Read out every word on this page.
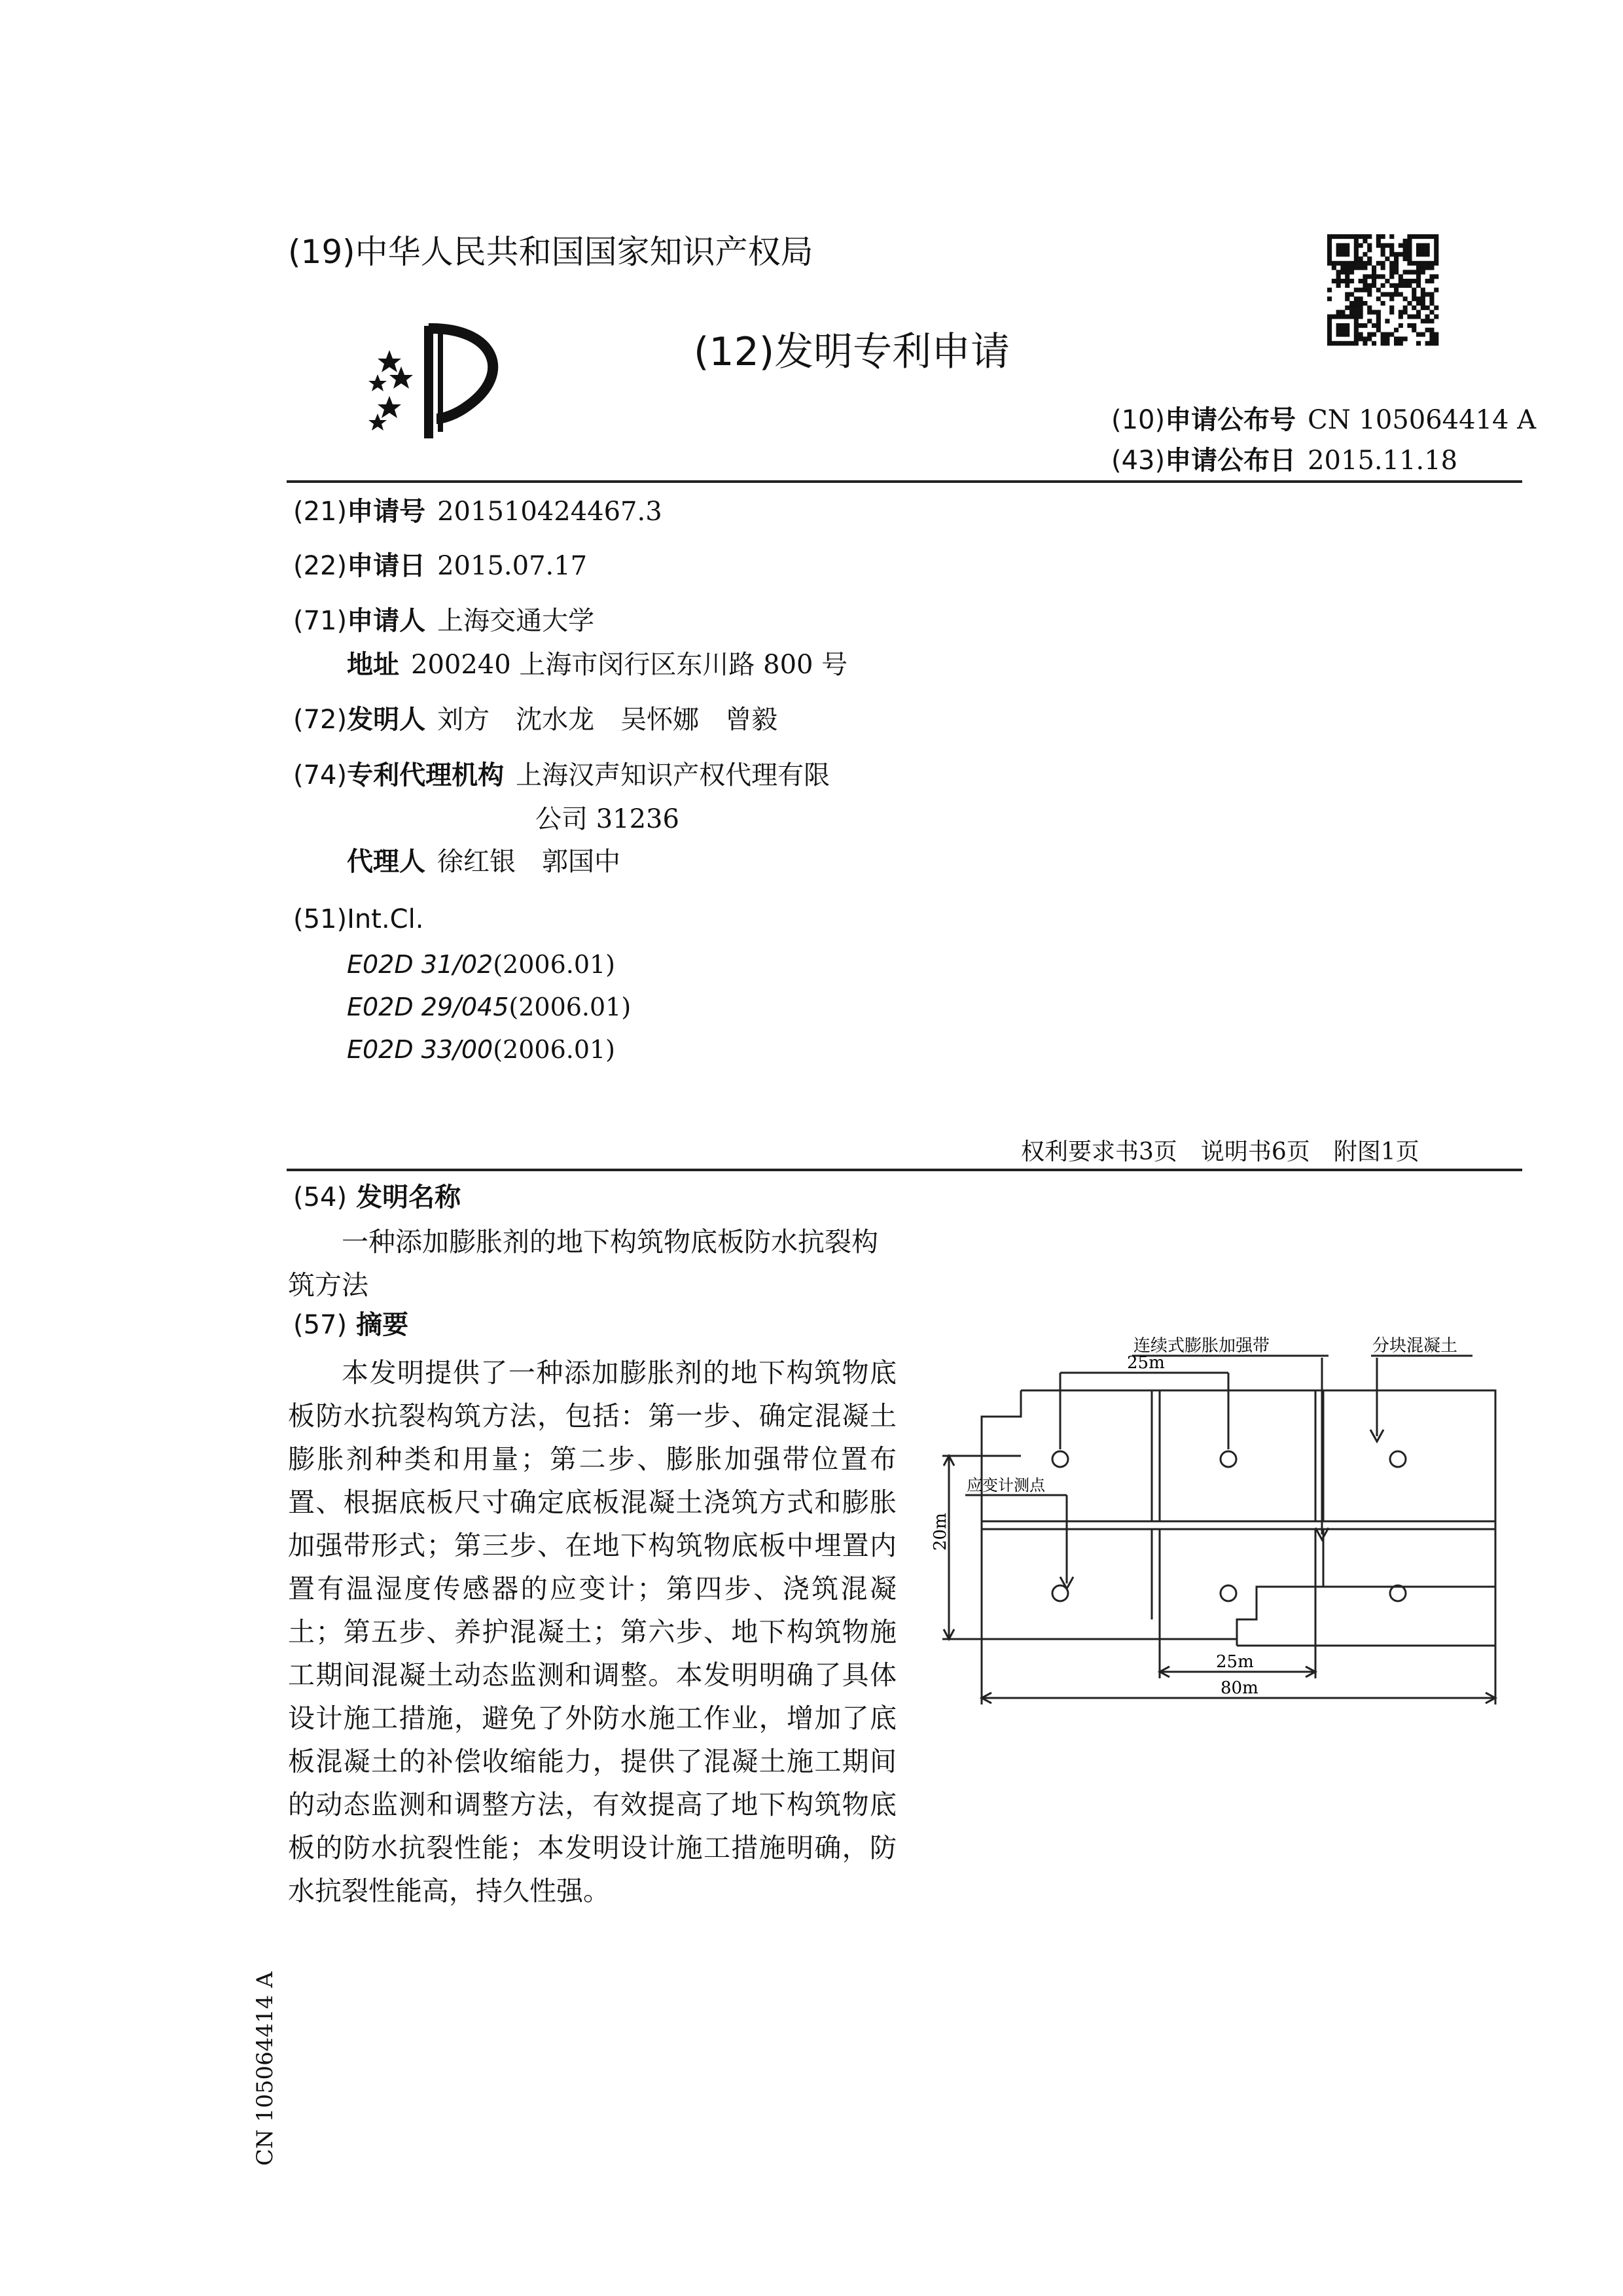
(19)中华人民共和国国家知识产权局
(12)发明专利申请
(10)申请公布号 CN 105064414 A
(43)申请公布日 2015.11.18
(21)申请号 201510424467.3
(22)申请日 2015.07.17
(71)申请人 上海交通大学
地址 200240 上海市闵行区东川路 800 号
(72)发明人 刘方　沈水龙　吴怀娜　曾毅
(74)专利代理机构 上海汉声知识产权代理有限
公司 31236
代理人 徐红银　郭国中
(51)Int.Cl.
E02D 31/02(2006.01)
E02D 29/045(2006.01)
E02D 33/00(2006.01)
权利要求书3页　说明书6页　附图1页
(54) 发明名称
一种添加膨胀剂的地下构筑物底板防水抗裂构筑方法
(57) 摘要
本发明提供了一种添加膨胀剂的地下构筑物底板防水抗裂构筑方法，包括：第一步、确定混凝土膨胀剂种类和用量；第二步、膨胀加强带位置布置、根据底板尺寸确定底板混凝土浇筑方式和膨胀加强带形式；第三步、在地下构筑物底板中埋置内置有温湿度传感器的应变计；第四步、浇筑混凝土；第五步、养护混凝土；第六步、地下构筑物施工期间混凝土动态监测和调整。本发明明确了具体设计施工措施，避免了外防水施工作业，增加了底板混凝土的补偿收缩能力，提供了混凝土施工期间的动态监测和调整方法，有效提高了地下构筑物底板的防水抗裂性能；本发明设计施工措施明确，防水抗裂性能高，持久性强。
连续式膨胀加强带	分块混凝土
应变计测点
25m
25m
80m
20m
CN 105064414 A
